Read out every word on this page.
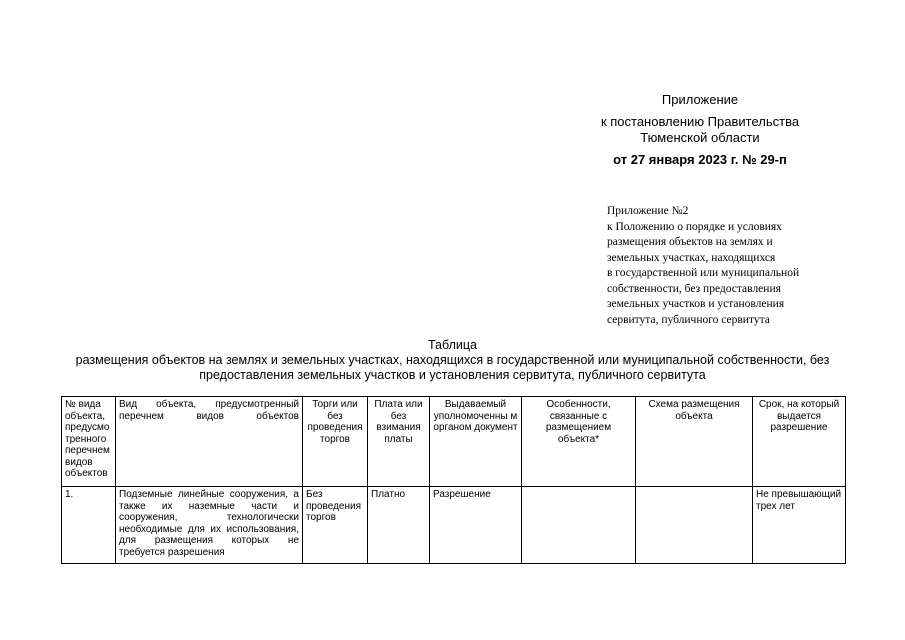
Приложение
к постановлению Правительства
Тюменской области
от 27 января 2023 г. № 29-п
Приложение №2
к Положению о порядке и условиях
размещения объектов на землях и
земельных участках, находящихся
в государственной или муниципальной
собственности, без предоставления
земельных участков и установления
сервитута, публичного сервитута
Таблица
размещения объектов на землях и земельных участках, находящихся в государственной или муниципальной собственности, без
предоставления земельных участков и установления сервитута, публичного сервитута
№ вида объекта, предусмо тренного перечнем видов объектов	Вид объекта, предусмотренный перечнем видов объектов	Торги или без проведения торгов	Плата или без взимания платы	Выдаваемый уполномоченны м органом документ	Особенности, связанные с размещением объекта*	Схема размещения объекта	Срок, на который выдается разрешение
1.	Подземные линейные сооружения, а также их наземные части и сооружения, технологически необходимые для их использования, для размещения которых не требуется разрешения	Без проведения торгов	Платно	Разрешение			Не превышающий трех лет
